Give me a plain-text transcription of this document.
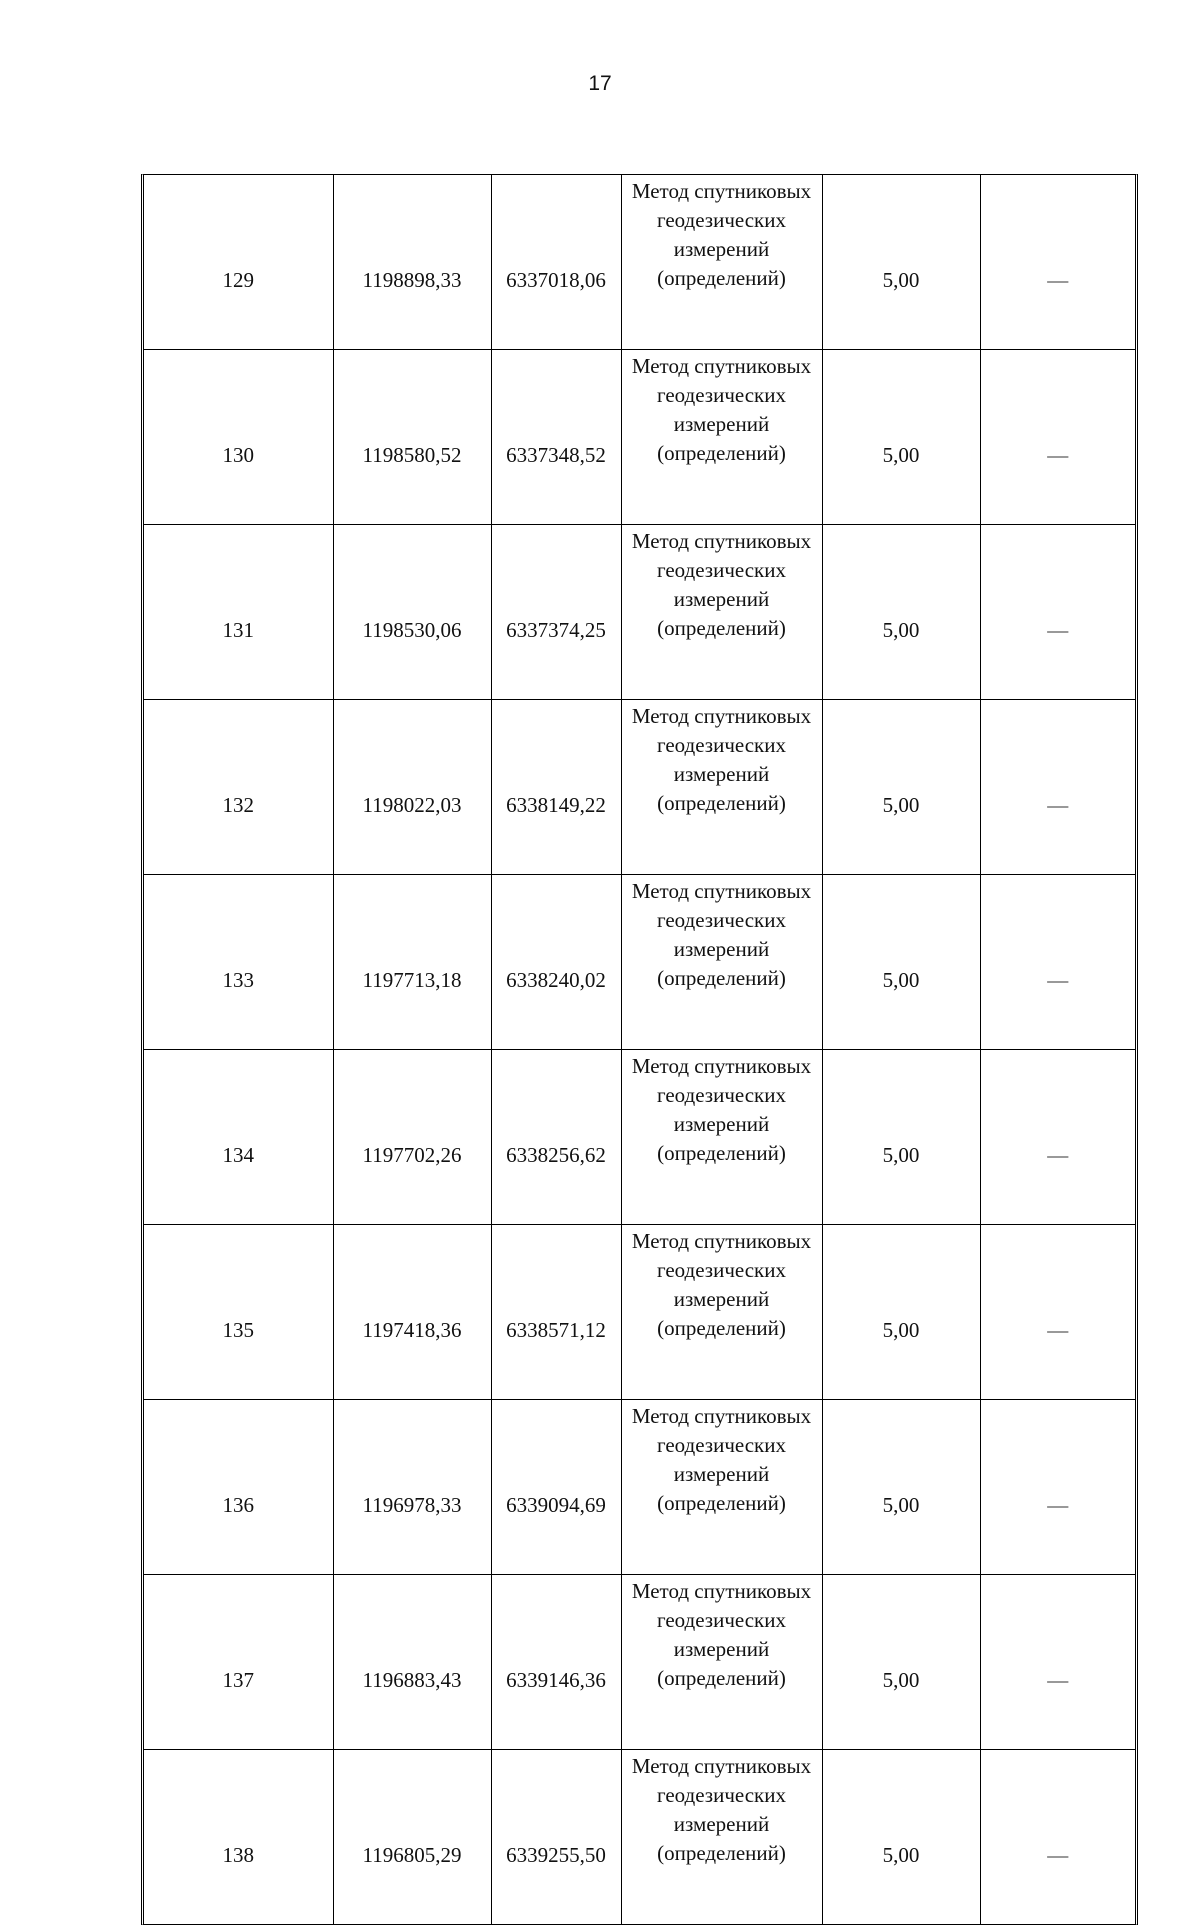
17
129	1198898,33	6337018,06	Метод спутниковых геодезических измерений (определений)	5,00	—
130	1198580,52	6337348,52	Метод спутниковых геодезических измерений (определений)	5,00	—
131	1198530,06	6337374,25	Метод спутниковых геодезических измерений (определений)	5,00	—
132	1198022,03	6338149,22	Метод спутниковых геодезических измерений (определений)	5,00	—
133	1197713,18	6338240,02	Метод спутниковых геодезических измерений (определений)	5,00	—
134	1197702,26	6338256,62	Метод спутниковых геодезических измерений (определений)	5,00	—
135	1197418,36	6338571,12	Метод спутниковых геодезических измерений (определений)	5,00	—
136	1196978,33	6339094,69	Метод спутниковых геодезических измерений (определений)	5,00	—
137	1196883,43	6339146,36	Метод спутниковых геодезических измерений (определений)	5,00	—
138	1196805,29	6339255,50	Метод спутниковых геодезических измерений (определений)	5,00	—
